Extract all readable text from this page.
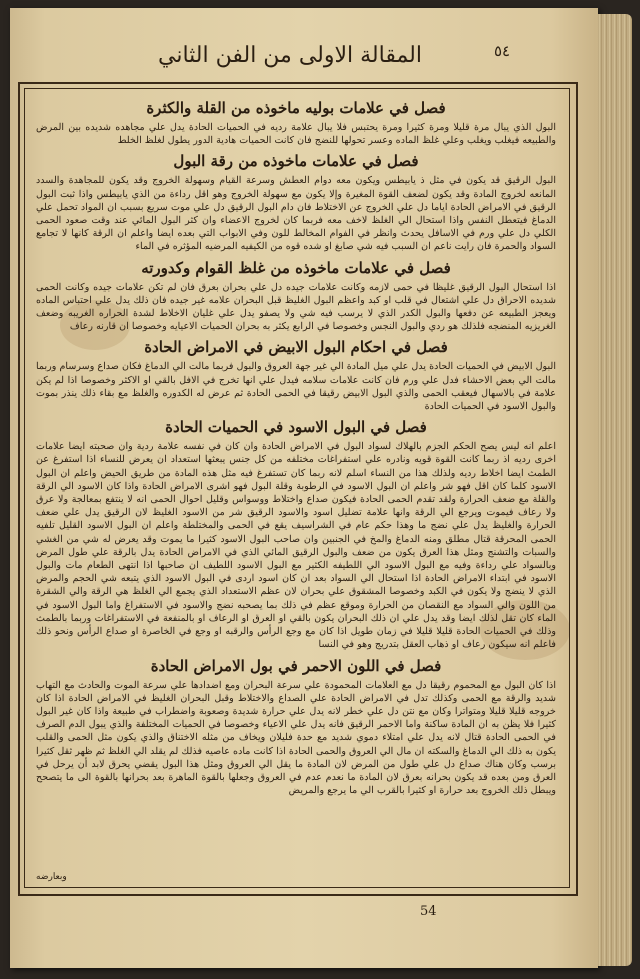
المقالة الاولى من الفن الثاني	٥٤
فصل في علامات بوليه ماخوذه من القلة والكثرة
البول الذي يبال مرة قليلا ومرة كثيرا ومرة يحتبس فلا يبال علامة رديه في الحميات الحادة يدل علي مجاهده شديده بين المرض والطبيعه فيغلب ويغلب وعلي غلظ الماده وعسر تحولها للنضج فان كانت الحميات هادية الدور يطول لغلظ الخلط
فصل في علامات ماخوذه من رقة البول
البول الرقيق قد يكون في مثل ذ يابيطس ويكون معه دوام العطش وسرعة القيام وسهولة الخروج وقد يكون للمجاهدة والسدد المانعه لخروج المادة وقد يكون لضعف القوة المغيرة وإلا يكون مع سهولة الخروج وهو اقل رداءة من الذي يابيطس واذا ثبت البول الرقيق في الامراض الحادة اياما دل علي الخروج عن الاختلاط فان دام البول الرقيق دل علي موت سريع بسبب ان المواد تحمل علي الدماغ فيتعطل النفس واذا استحال الي الغلظ لاخف معه فربما كان لخروج الاعضاء وان كثر البول المائي عند وقت صعود الحمى الكلي دل علي ورم في الاسافل يحدث وانظر في الفوام المخالط للون وفي الابواب التي بعده ايضا واعلم ان الرقة كانها لا تجامع السواد والحمرة فان رايت ناعم ان السبب فيه شي صابغ او شده قوه من الكيفيه المرضيه المؤثره في الماء
فصل في علامات ماخوذه من غلظ القوام وكدورته
اذا استحال البول الرقيق غليظا في حمى لازمه وكانت علامات جيده دل علي بحران بعرق فان لم تكن علامات جيده وكانت الحمى شديده الاحراق دل علي اشتعال في قلب او كبد واعظم البول الغليظ قبل البحران علامه غير جيده فان ذلك يدل علي احتباس الماده ويعجز الطبيعه عن دفعها والبول الكدر الذي لا يرسب فيه شي ولا يصفو يدل علي غليان الاخلاط لشدة الحراره الغريبه وضعف الغريزيه المنضجه فلذلك هو ردي والبول النجس وخصوصا في الرابع يكثر به بحران الحميات الاعيايه وخصوصا ان قارنه رعاف
فصل في احكام البول الابيض في الامراض الحادة
البول الابيض في الحميات الحادة يدل علي ميل المادة الي غير جهة العروق والبول فربما مالت الي الدماغ فكان صداع وسرسام وربما مالت الي بعض الاحشاء فدل علي ورم فان كانت علامات سلامه فيدل علي انها تخرج في الافل بالقي او الاكثر وخصوصا اذا لم يكن علامة في بالاسهال فيعقب الحمى والذي البول الابيض رقيقا في الحمى الحادة ثم عرض له الكدوره والغلظ مع بقاء ذلك ينذر بموت والبول الاسود في الحميات الحادة
فصل في البول الاسود في الحميات الحادة
اعلم انه ليس يصح الحكم الجزم بالهلاك لسواد البول في الامراض الحادة وان كان في نفسه علامة ردية وان صحبته ايضا علامات اخرى رديه اذ ربما كانت القوة قويه ونادره علي استفراغات مختلفه من كل جنس يبعثها استعداد ان يعرض للنساء اذا استفرغ عن الطمث ايضا اخلاط رديه ولذلك هذا من النساء اسلم لانه ربما كان تستفرغ فيه مثل هذه المادة من طريق الحيض واعلم ان البول الاسود كلما كان اقل فهو شر واعلم ان البول الاسود في الرطوبة وقلة البول فهو اشرى الامراض الحادة واذا كان الاسود الي الرقة والقلة مع ضعف الحرارة ولقد تقدم الحمى الحادة فيكون صداع واختلاط ووسواس وقليل احوال الحمى انه لا ينتفع بمعالجة ولا عرق ولا رعاف فيموت ويرجع الي الرقة وانها علامة تضليل اسود والاسود الرقيق شر من الاسود الغليظ لان الرقيق يدل علي ضعف الحرارة والغليظ يدل علي نضج ما وهذا حكم عام في الشراسيف يقع في الحمى والمختلطة واعلم ان البول الاسود القليل تلفيه الحمى المحرقة قتال مطلق ومنه الدماغ والمخ في الجنبين وان صاحب البول الاسود كثيرا ما يموت وقد يعرض له شي من الغشي والسبات والتشنج ومثل هذا العرق يكون من ضعف والبول الرقيق المائي الذي في الامراض الحادة يدل بالرقة علي طول المرض وبالسواد علي رداءة وفيه مع البول الاسود الي اللطيفه الكثير مع البول الاسود اللطيف ان صاحبها اذا انتهى الطعام مات والبول الاسود في ابتداء الامراض الحادة اذا استحال الي السواد بعد ان كان اسود اردى في البول الاسود الذي يتبعه شي الحجم والمرض الذي لا ينضج ولا يكون في الكبد وخصوصا المشقوق علي بحران لان عظم الاستعداد الذي يجمع الي الغلظ هي الرقة والي الشقرة من اللون والي السواد مع النقصان من الحرارة وموقع عظم في ذلك بما يصحبه نضج والاسود في الاستفراغ واما البول الاسود في الماء كان تقل لذلك ايضا وقد يدل علي ان ذلك البحران يكون بالقي او العرق او الرعاف او بالمنفعة في الاستفراغات وربما بالطمث وذلك في الحميات الحادة قليلا قليلا في زمان طويل اذا كان مع وجع الرأس والرقبه او وجع في الخاصرة او صداع الرأس ونحو ذلك فاعلم انه سيكون رعاف او ذهاب العقل بتدريج وهو في النسا
فصل في اللون الاحمر في بول الامراض الحادة
اذا كان البول مع المحموم رقيقا دل مع العلامات المحمودة علي سرعة البحران ومع اضدادها علي سرعة الموت والحادث مع التهاب شديد والرقة مع الحمى وكذلك تدل في الامراض الحادة علي الصداع والاختلاط وقبل البحران الغليظ في الامراض الحادة اذا كان خروجه قليلا قليلا ومتواترا وكان مع نتن دل علي خطر لانه يدل علي حرارة شديدة وصعوبة واضطراب في طبيعة واذا كان غير البول كثيرا فلا يظن به ان المادة ساكنة واما الاحمر الرقيق فانه يدل علي الاعياء وخصوصا في الحميات المختلفة والذي يبول الدم الصرف في الحمى الحادة قتال لانه يدل علي امتلاء دموي شديد مع حدة فليلان ويخاف من مثله الاختناق والذي يكون مثل الحمى والقلب يكون به ذلك الي الدماغ والسكته ان مال الي العروق والحمى الحادة اذا كانت ماده عاصيه فذلك لم يقلد الي الغلظ ثم ظهر ثقل كثيرا برسب وكان هناك صداع دل علي طول من المرض لان المادة ما يقل الي العروق ومثل هذا البول يقضي يحرق لابد أن يرحل في العرق ومن بعده قد يكون بحرانه بعرق لان المادة ما نعدم عدم في العروق وجعلها بالقوة الماهرة بعد بحرانها بالقوة الى ما يتصحح ويبطل ذلك الخروج بعد حرارة او كثيرا بالقرب الي ما يرجع والمريض
وبعارضه
54
